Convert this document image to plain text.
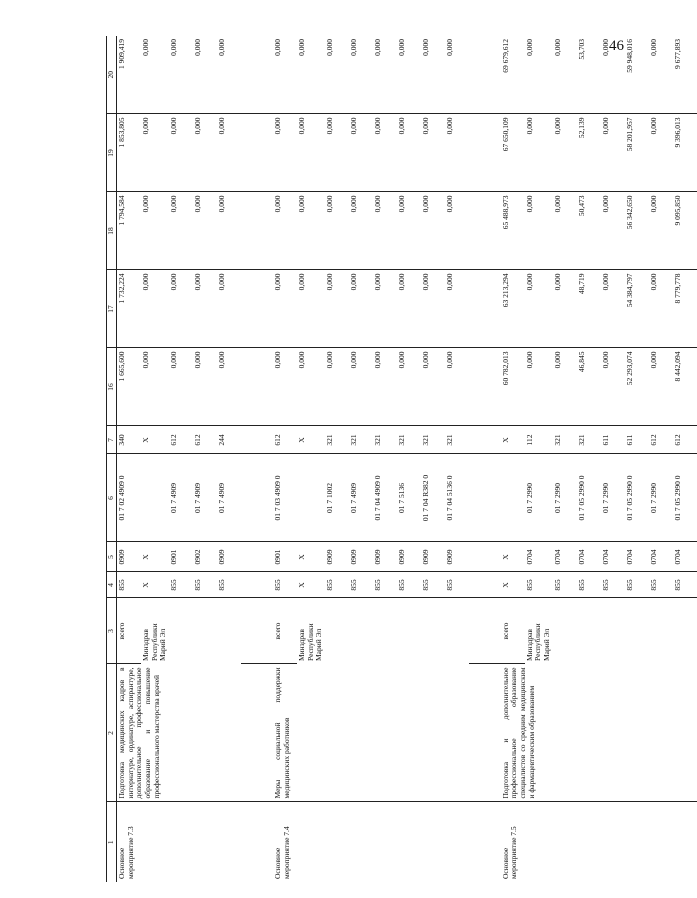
46
1	2	3	4	5	6	7	16	17	18	19	20
Основное мероприятие 7.3	Подготовка медицинских кадров в интернатуре, ординатуре, аспирантуре, дополнительное профессиональное образование и повышение профессионального мастерства врачей	всего	855	0909	01 7 02 4909 0	340	1 665,600	1 732,224	1 794,584	1 853,805	1 909,419
		Минздрав Республики Марий Эл	X	X		X	0,000	0,000	0,000	0,000	0,000
			855	0901	01 7 4909	612	0,000	0,000	0,000	0,000	0,000
			855	0902	01 7 4909	612	0,000	0,000	0,000	0,000	0,000
			855	0909	01 7 4909	244	0,000	0,000	0,000	0,000	0,000

Основное мероприятие 7.4	Меры социальной поддержки медицинских работников	всего	855	0901	01 7 03 4909 0	612	0,000	0,000	0,000	0,000	0,000
		Минздрав Республики Марий Эл	X	X		X	0,000	0,000	0,000	0,000	0,000
			855	0909	01 7 1002	321	0,000	0,000	0,000	0,000	0,000
			855	0909	01 7 4909	321	0,000	0,000	0,000	0,000	0,000
			855	0909	01 7 04 4909 0	321	0,000	0,000	0,000	0,000	0,000
			855	0909	01 7 5136	321	0,000	0,000	0,000	0,000	0,000
			855	0909	01 7 04 R382 0	321	0,000	0,000	0,000	0,000	0,000
			855	0909	01 7 04 5136 0	321	0,000	0,000	0,000	0,000	0,000

Основное мероприятие 7.5	Подготовка и дополнительное профессиональное образование специалистов со средним медицинским и фармацевтическим образованием	всего	X	X		X	60 782,013	63 213,294	65 488,973	67 650,109	69 679,612
		Минздрав Республики Марий Эл	855	0704	01 7 2990	112	0,000	0,000	0,000	0,000	0,000
			855	0704	01 7 2990	321	0,000	0,000	0,000	0,000	0,000
			855	0704	01 7 05 2990 0	321	46,845	48,719	50,473	52,139	53,703
			855	0704	01 7 2990	611	0,000	0,000	0,000	0,000	0,000
			855	0704	01 7 05 2990 0	611	52 293,074	54 384,797	56 342,650	58 201,957	59 948,016
			855	0704	01 7 2990	612	0,000	0,000	0,000	0,000	0,000
			855	0704	01 7 05 2990 0	612	8 442,094	8 779,778	9 095,850	9 396,013	9 677,893
